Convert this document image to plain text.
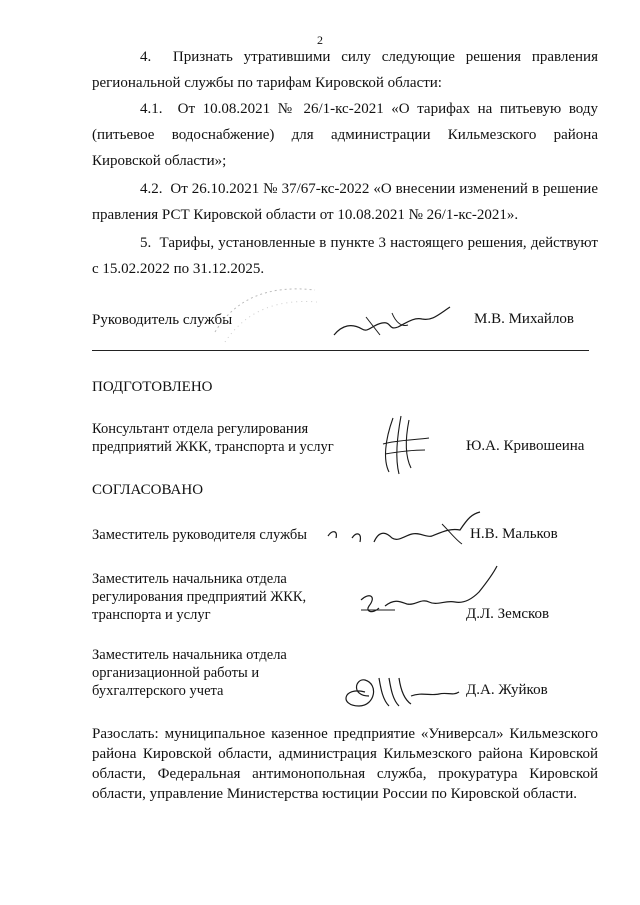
2
4.  Признать утратившими силу следующие решения правления региональной службы по тарифам Кировской области:
4.1.  От 10.08.2021 № 26/1-кс-2021 «О тарифах на питьевую воду (питьевое водоснабжение) для администрации Кильмезского района Кировской области»;
4.2.  От 26.10.2021 № 37/67-кс-2022 «О внесении изменений в решение правления РСТ Кировской области от 10.08.2021 № 26/1-кс-2021».
5.  Тарифы, установленные в пункте 3 настоящего решения, действуют с 15.02.2022 по 31.12.2025.
Руководитель службы	М.В. Михайлов
ПОДГОТОВЛЕНО
Консультант отдела регулирования
предприятий ЖКК, транспорта и услуг	Ю.А. Кривошеина
СОГЛАСОВАНО
Заместитель руководителя службы	Н.В. Мальков
Заместитель начальника отдела
регулирования предприятий ЖКК,
транспорта и услуг	Д.Л. Земсков
Заместитель начальника отдела
организационной работы и
бухгалтерского учета	Д.А. Жуйков
Разослать: муниципальное казенное предприятие «Универсал» Кильмезского района Кировской области, администрация Кильмезского района Кировской области, Федеральная антимонопольная служба, прокуратура Кировской области, управление Министерства юстиции России по Кировской области.
